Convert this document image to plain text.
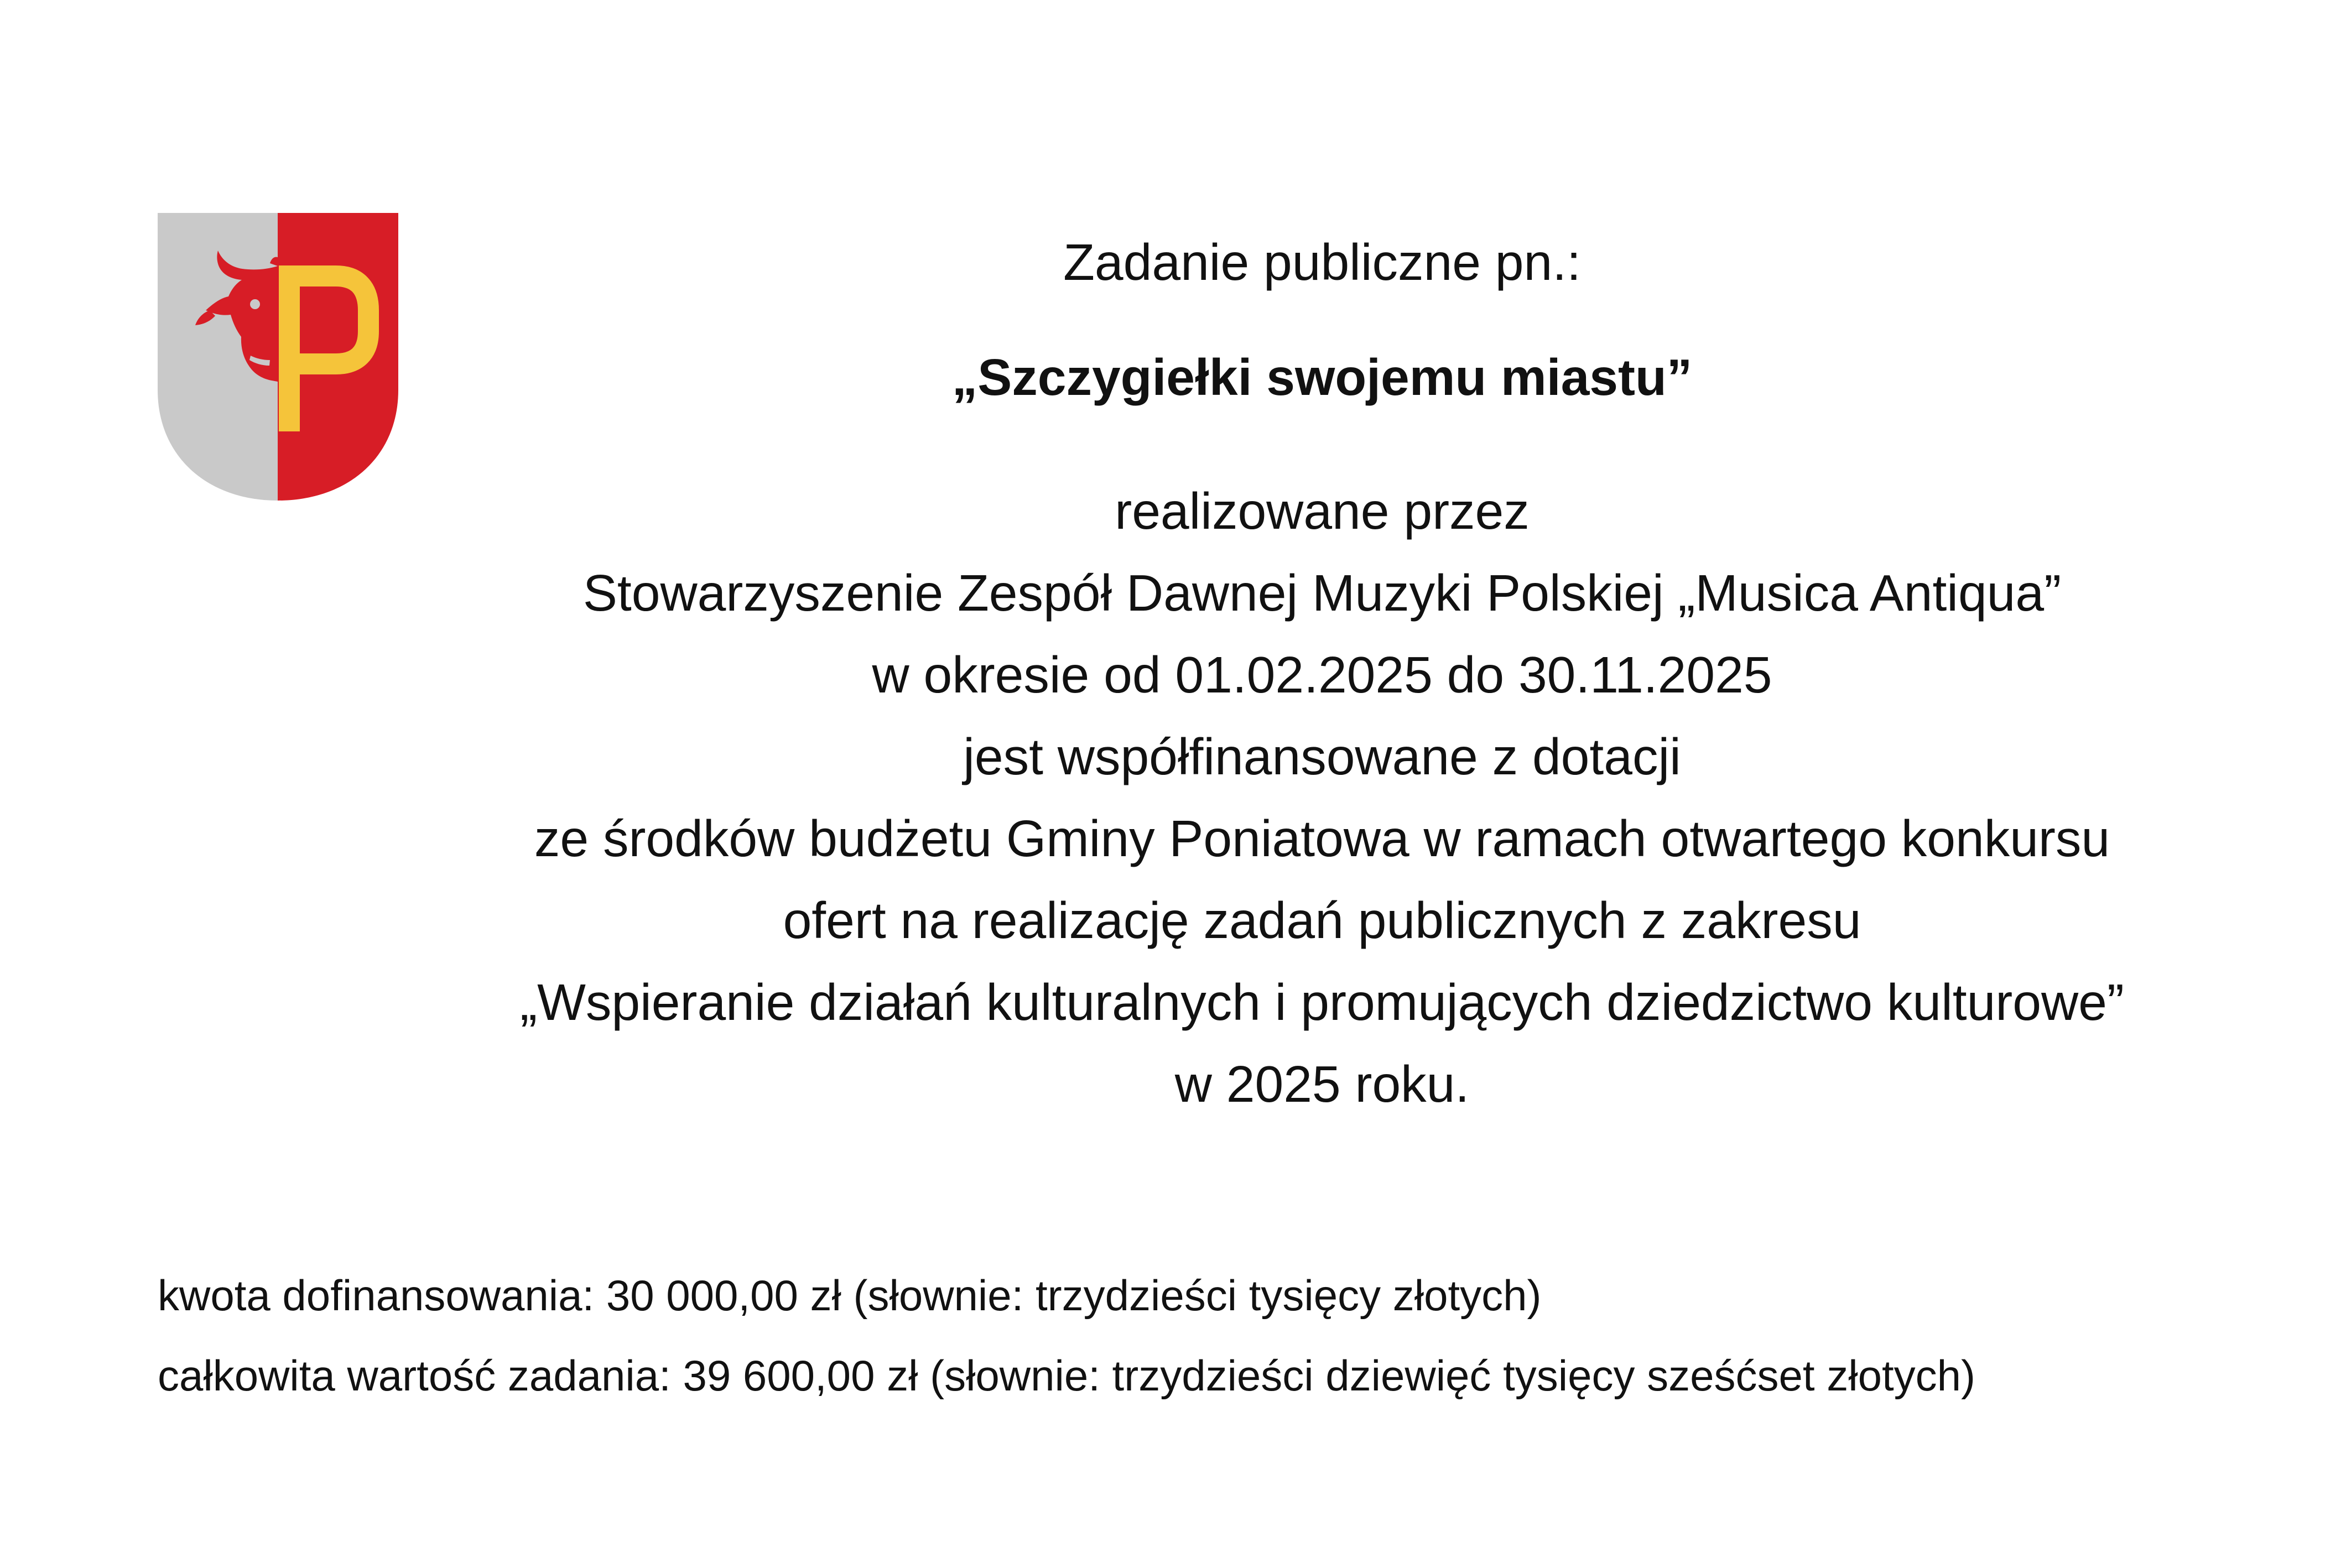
Zadanie publiczne pn.:
„Szczygiełki swojemu miastu”
realizowane przez
Stowarzyszenie Zespół Dawnej Muzyki Polskiej „Musica Antiqua”
w okresie od 01.02.2025 do 30.11.2025
jest współfinansowane z dotacji
ze środków budżetu Gminy Poniatowa w ramach otwartego konkursu
ofert na realizację zadań publicznych z zakresu
„Wspieranie działań kulturalnych i promujących dziedzictwo kulturowe”
w 2025 roku.
kwota dofinansowania: 30 000,00 zł (słownie: trzydzieści tysięcy złotych)
całkowita wartość zadania: 39 600,00 zł (słownie: trzydzieści dziewięć tysięcy sześćset złotych)
